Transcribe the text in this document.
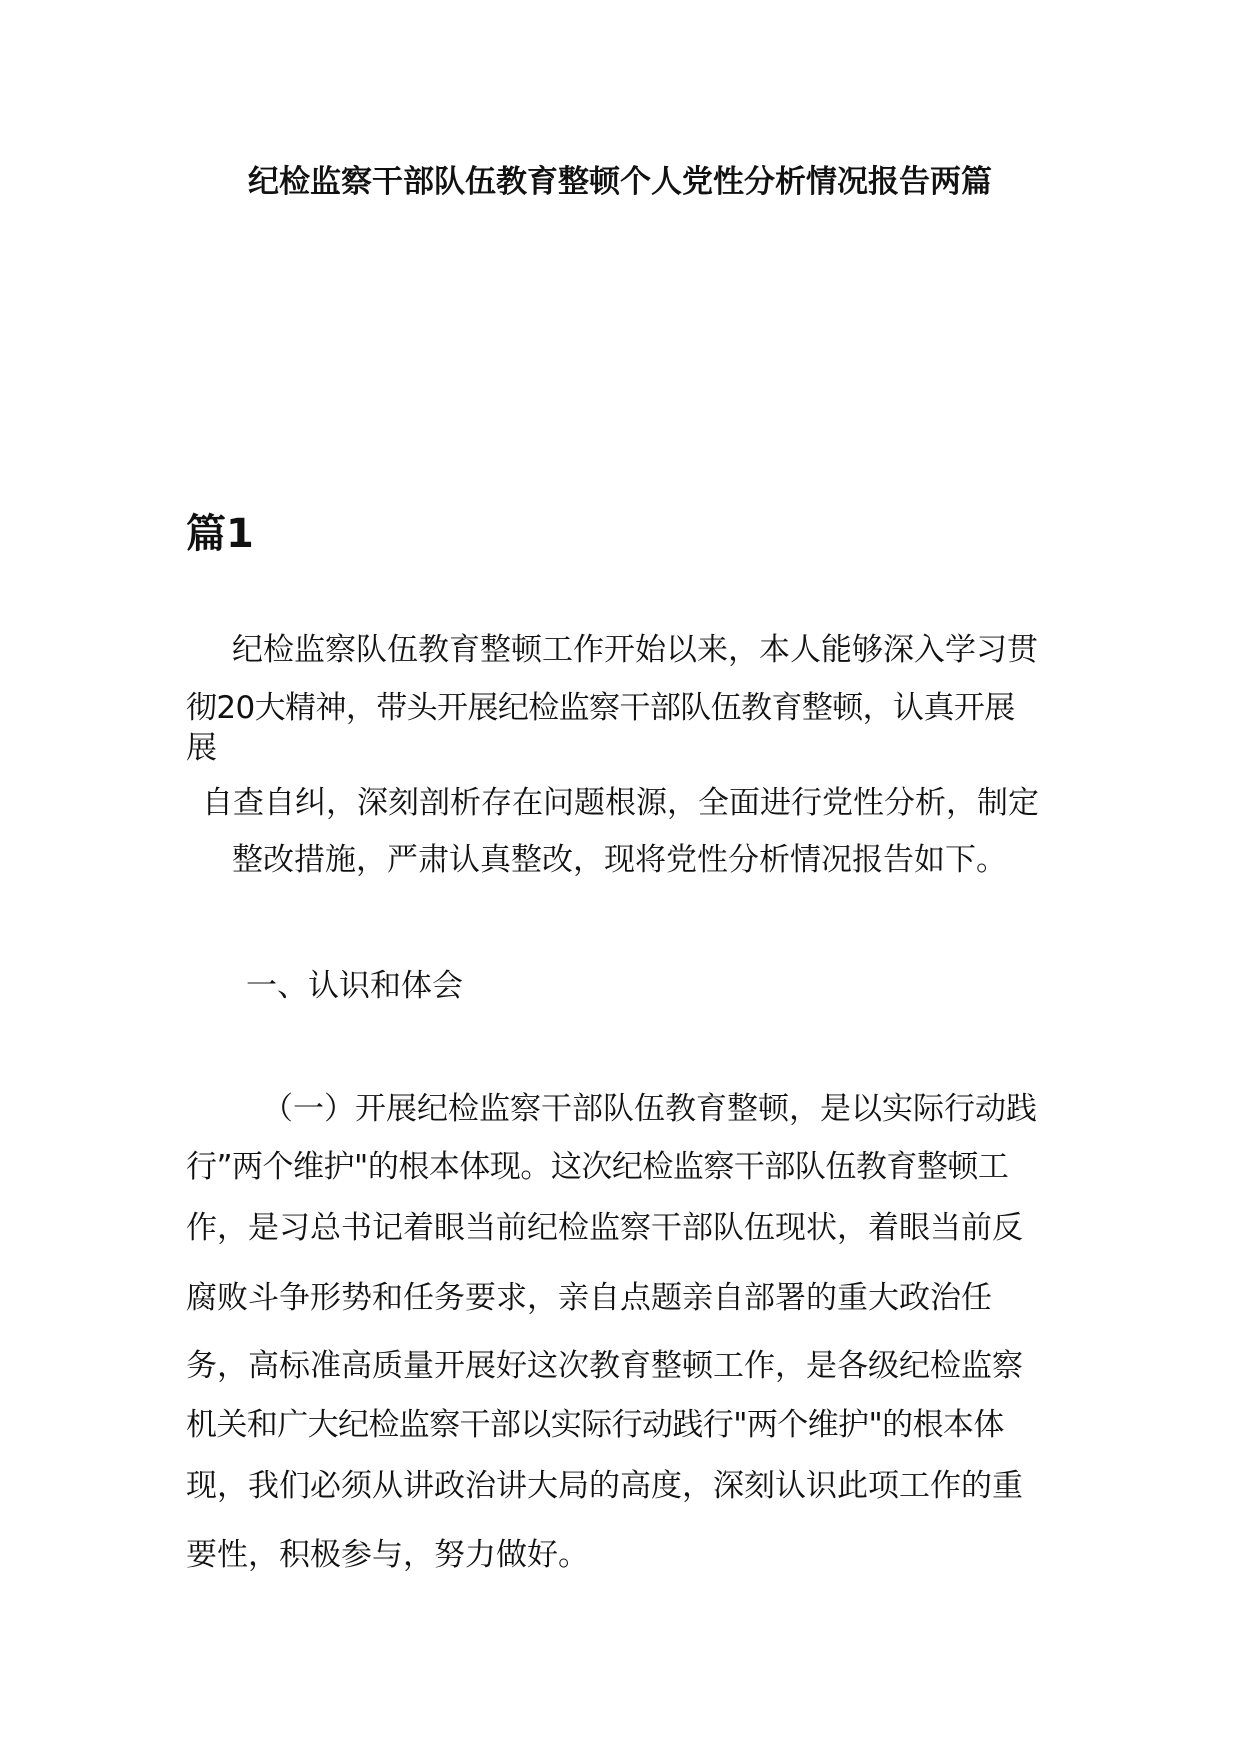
纪检监察干部队伍教育整顿个人党性分析情况报告两篇
篇1
纪检监察队伍教育整顿工作开始以来，本人能够深入学习贯
彻20大精神，带头开展纪检监察干部队伍教育整顿，认真开展
展
自查自纠，深刻剖析存在问题根源，全面进行党性分析，制定
整改措施，严肃认真整改，现将党性分析情况报告如下。
一、认识和体会
（一）开展纪检监察干部队伍教育整顿，是以实际行动践
行”两个维护"的根本体现。这次纪检监察干部队伍教育整顿工
作，是习总书记着眼当前纪检监察干部队伍现状，着眼当前反
腐败斗争形势和任务要求，亲自点题亲自部署的重大政治任
务，高标准高质量开展好这次教育整顿工作，是各级纪检监察
机关和广大纪检监察干部以实际行动践行"两个维护"的根本体
现，我们必须从讲政治讲大局的高度，深刻认识此项工作的重
要性，积极参与，努力做好。
